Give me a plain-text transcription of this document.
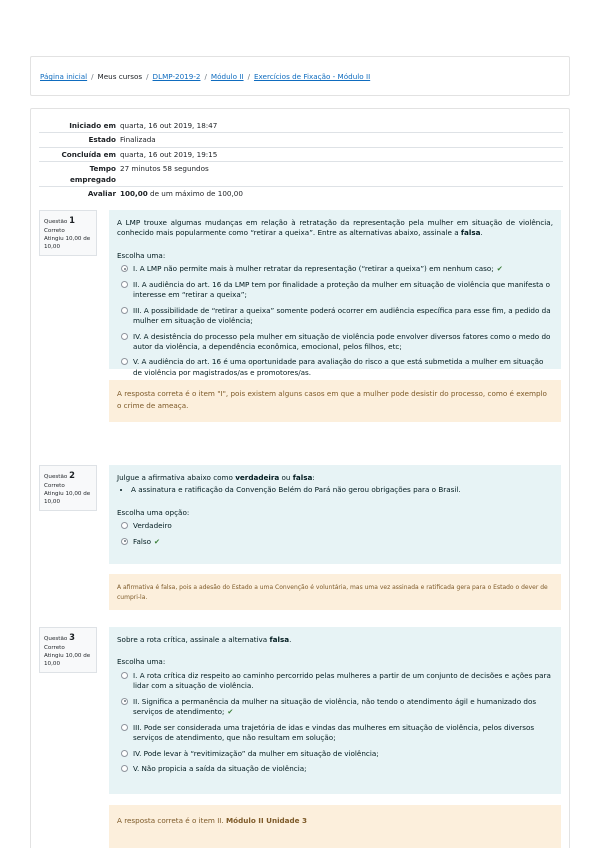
Página inicial / Meus cursos / DLMP-2019-2 / Módulo II / Exercícios de Fixação - Módulo II
Iniciado em quarta, 16 out 2019, 18:47
Estado Finalizada
Concluída em quarta, 16 out 2019, 19:15
Tempo
empregado
27 minutos 58 segundos
Avaliar 100,00 de um máximo de 100,00
Questão 1
Correto
Atingiu 10,00 de 10,00
A LMP trouxe algumas mudanças em relação à retratação da representação pela mulher em situação de violência, conhecido mais popularmente como “retirar a queixa”. Entre as alternativas abaixo, assinale a falsa.
Escolha uma:
I. A LMP não permite mais à mulher retratar da representação (“retirar a queixa”) em nenhum caso; ✔
II. A audiência do art. 16 da LMP tem por finalidade a proteção da mulher em situação de violência que manifesta o interesse em “retirar a queixa”;
III. A possibilidade de “retirar a queixa” somente poderá ocorrer em audiência específica para esse fim, a pedido da mulher em situação de violência;
IV. A desistência do processo pela mulher em situação de violência pode envolver diversos fatores como o medo do autor da violência, a dependência econômica, emocional, pelos filhos, etc;
V. A audiência do art. 16 é uma oportunidade para avaliação do risco a que está submetida a mulher em situação de violência por magistrados/as e promotores/as.
A resposta correta é o item "I", pois existem alguns casos em que a mulher pode desistir do processo, como é exemplo o crime de ameaça.
Questão 2
Correto
Atingiu 10,00 de 10,00
Julgue a afirmativa abaixo como verdadeira ou falsa:
• A assinatura e ratificação da Convenção Belém do Pará não gerou obrigações para o Brasil.
Escolha uma opção:
Verdadeiro
Falso ✔
A afirmativa é falsa, pois a adesão do Estado a uma Convenção é voluntária, mas uma vez assinada e ratificada gera para o Estado o dever de cumpri-la.
Questão 3
Correto
Atingiu 10,00 de 10,00
Sobre a rota crítica, assinale a alternativa falsa.
Escolha uma:
I. A rota crítica diz respeito ao caminho percorrido pelas mulheres a partir de um conjunto de decisões e ações para lidar com a situação de violência.
II. Significa a permanência da mulher na situação de violência, não tendo o atendimento ágil e humanizado dos serviços de atendimento; ✔
III. Pode ser considerada uma trajetória de idas e vindas das mulheres em situação de violência, pelos diversos serviços de atendimento, que não resultam em solução;
IV. Pode levar à “revitimização” da mulher em situação de violência;
V. Não propicia a saída da situação de violência;
A resposta correta é o item II. Módulo II Unidade 3
